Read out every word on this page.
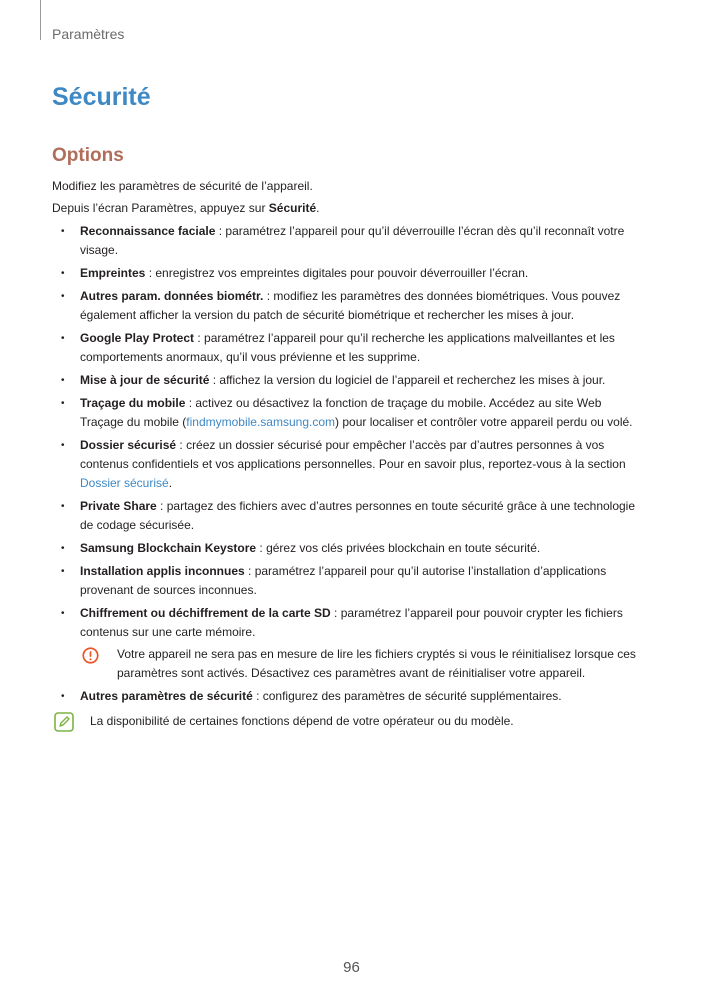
Paramètres
Sécurité
Options

Modifiez les paramètres de sécurité de l’appareil.

Depuis l’écran Paramètres, appuyez sur Sécurité.

• Reconnaissance faciale : paramétrez l’appareil pour qu’il déverrouille l’écran dès qu’il reconnaît votre visage.
• Empreintes : enregistrez vos empreintes digitales pour pouvoir déverrouiller l’écran.
• Autres param. données biométr. : modifiez les paramètres des données biométriques. Vous pouvez également afficher la version du patch de sécurité biométrique et rechercher les mises à jour.
• Google Play Protect : paramétrez l’appareil pour qu’il recherche les applications malveillantes et les comportements anormaux, qu’il vous prévienne et les supprime.
• Mise à jour de sécurité : affichez la version du logiciel de l’appareil et recherchez les mises à jour.
• Traçage du mobile : activez ou désactivez la fonction de traçage du mobile. Accédez au site Web Traçage du mobile (findmymobile.samsung.com) pour localiser et contrôler votre appareil perdu ou volé.
• Dossier sécurisé : créez un dossier sécurisé pour empêcher l’accès par d’autres personnes à vos contenus confidentiels et vos applications personnelles. Pour en savoir plus, reportez-vous à la section Dossier sécurisé.
• Private Share : partagez des fichiers avec d’autres personnes en toute sécurité grâce à une technologie de codage sécurisée.
• Samsung Blockchain Keystore : gérez vos clés privées blockchain en toute sécurité.
• Installation applis inconnues : paramétrez l’appareil pour qu’il autorise l’installation d’applications provenant de sources inconnues.
• Chiffrement ou déchiffrement de la carte SD : paramétrez l’appareil pour pouvoir crypter les fichiers contenus sur une carte mémoire.
Votre appareil ne sera pas en mesure de lire les fichiers cryptés si vous le réinitialisez lorsque ces paramètres sont activés. Désactivez ces paramètres avant de réinitialiser votre appareil.
• Autres paramètres de sécurité : configurez des paramètres de sécurité supplémentaires.
La disponibilité de certaines fonctions dépend de votre opérateur ou du modèle.
96
